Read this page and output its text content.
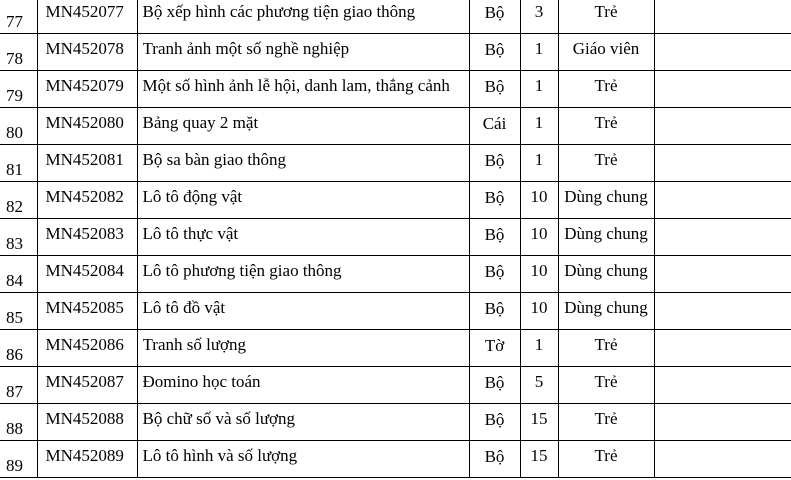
77	MN452077	Bộ xếp hình các phương tiện giao thông	Bộ	3	Trẻ	
78	MN452078	Tranh ảnh một số nghề nghiệp	Bộ	1	Giáo viên	
79	MN452079	Một số hình ảnh lễ hội, danh lam, thắng cảnh	Bộ	1	Trẻ	
80	MN452080	Bảng quay 2 mặt	Cái	1	Trẻ	
81	MN452081	Bộ sa bàn giao thông	Bộ	1	Trẻ	
82	MN452082	Lô tô động vật	Bộ	10	Dùng chung	
83	MN452083	Lô tô thực vật	Bộ	10	Dùng chung	
84	MN452084	Lô tô phương tiện giao thông	Bộ	10	Dùng chung	
85	MN452085	Lô tô đồ vật	Bộ	10	Dùng chung	
86	MN452086	Tranh số lượng	Tờ	1	Trẻ	
87	MN452087	Đomino học toán	Bộ	5	Trẻ	
88	MN452088	Bộ chữ số và số lượng	Bộ	15	Trẻ	
89	MN452089	Lô tô hình và số lượng	Bộ	15	Trẻ	
